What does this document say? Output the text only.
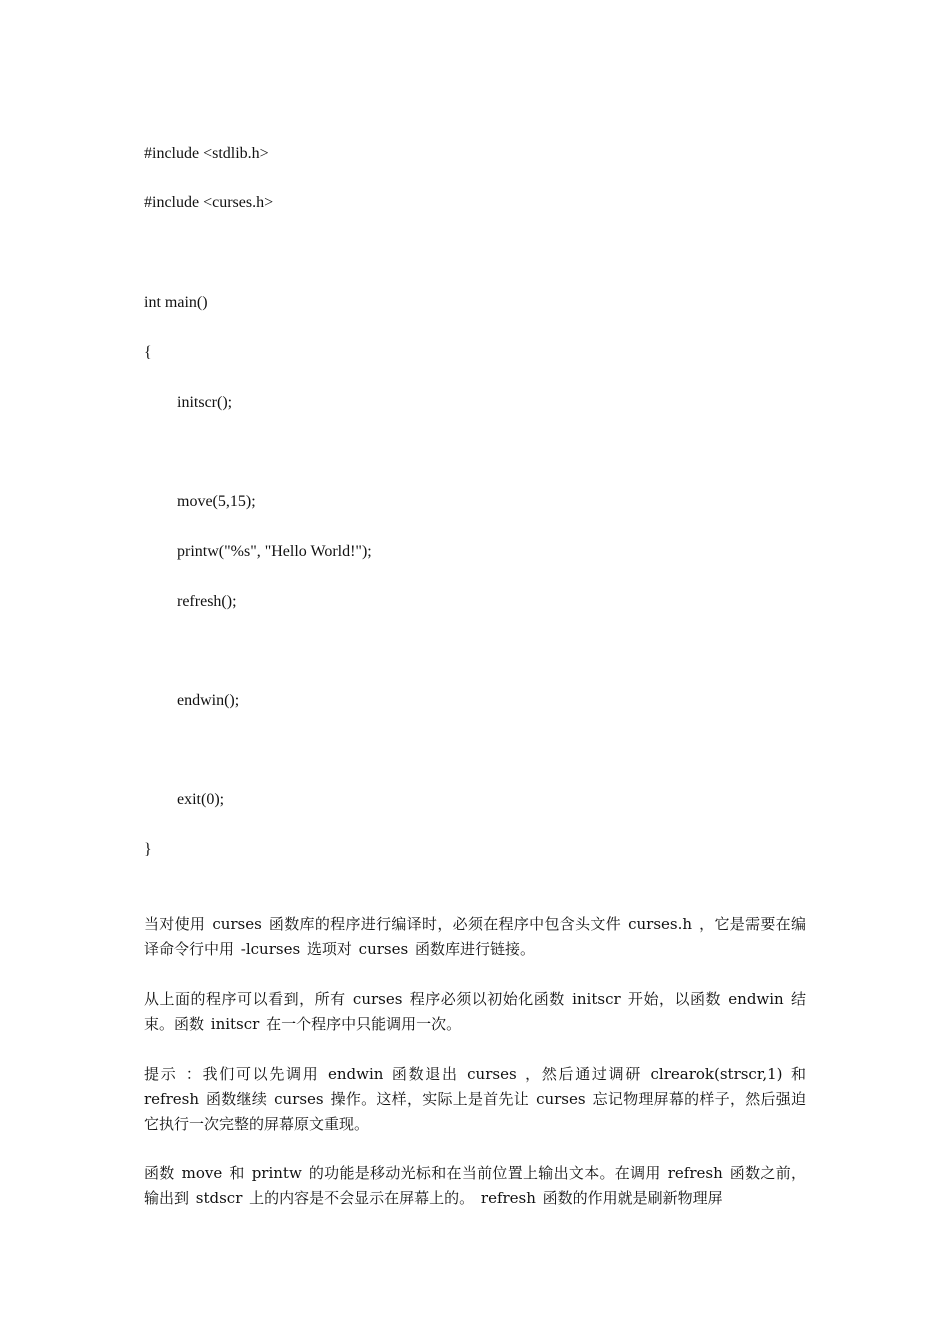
#include <stdlib.h>
#include <curses.h>
int main()
{
initscr();
move(5,15);
printw("%s", "Hello World!");
refresh();
endwin();
exit(0);
}
当对使用 curses 函数库的程序进行编译时，必须在程序中包含头文件 curses.h ，它是需要在编译命令行中用 -lcurses 选项对 curses 函数库进行链接。
从上面的程序可以看到，所有 curses 程序必须以初始化函数 initscr 开始，以函数 endwin 结束。函数 initscr 在一个程序中只能调用一次。
提示 ：我们可以先调用 endwin 函数退出 curses ，然后通过调研 clrearok(strscr,1) 和 refresh 函数继续 curses 操作。这样，实际上是首先让 curses 忘记物理屏幕的样子，然后强迫它执行一次完整的屏幕原文重现。
函数 move 和 printw 的功能是移动光标和在当前位置上输出文本。在调用 refresh 函数之前，输出到 stdscr 上的内容是不会显示在屏幕上的。 refresh 函数的作用就是刷新物理屏
